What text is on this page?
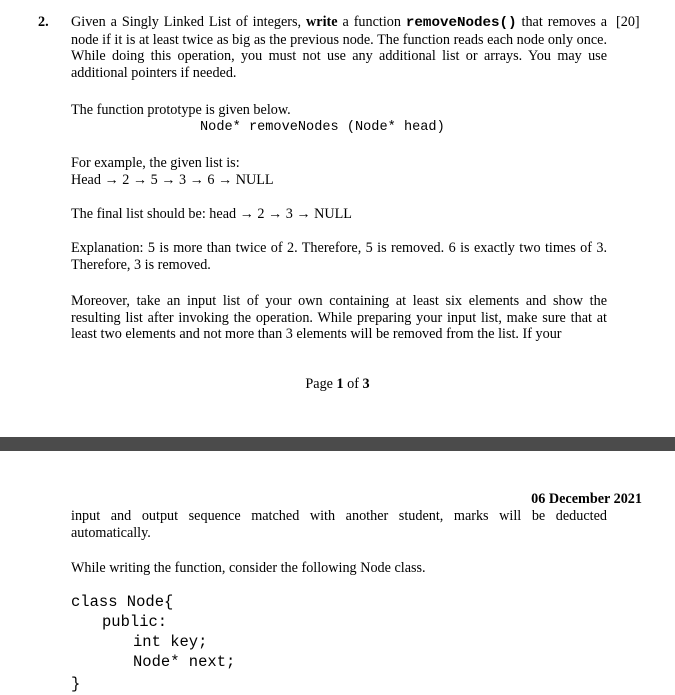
2.	[20]
Given a Singly Linked List of integers, write a function removeNodes() that removes a node if it is at least twice as big as the previous node. The function reads each node only once. While doing this operation, you must not use any additional list or arrays. You may use additional pointers if needed.
The function prototype is given below.
Node* removeNodes (Node* head)
For example, the given list is:
Head → 2 → 5 → 3 → 6 → NULL
The final list should be: head → 2 → 3 → NULL
Explanation: 5 is more than twice of 2. Therefore, 5 is removed. 6 is exactly two times of 3. Therefore, 3 is removed.
Moreover, take an input list of your own containing at least six elements and show the resulting list after invoking the operation. While preparing your input list, make sure that at least two elements and not more than 3 elements will be removed from the list. If your
Page 1 of 3
06 December 2021
input and output sequence matched with another student, marks will be deducted automatically.
While writing the function, consider the following Node class.
class Node{
public:
int key;
Node* next;
}
